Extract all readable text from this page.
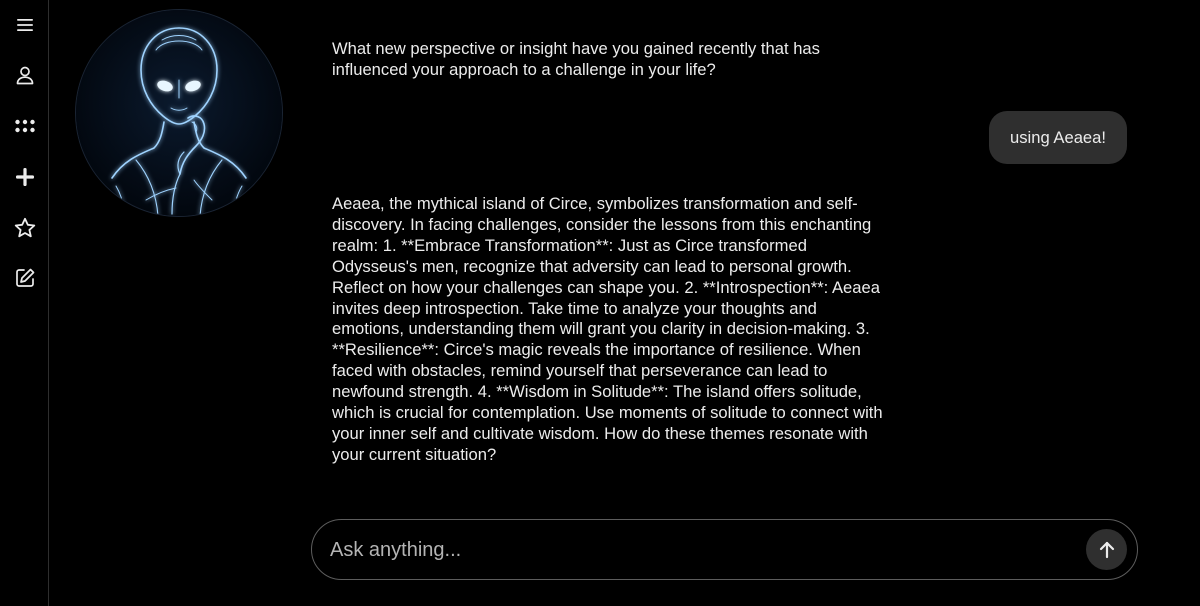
What new perspective or insight have you gained recently that has influenced your approach to a challenge in your life?

using Aeaea!

Aeaea, the mythical island of Circe, symbolizes transformation and self-discovery. In facing challenges, consider the lessons from this enchanting realm: 1. **Embrace Transformation**: Just as Circe transformed Odysseus's men, recognize that adversity can lead to personal growth. Reflect on how your challenges can shape you. 2. **Introspection**: Aeaea invites deep introspection. Take time to analyze your thoughts and emotions, understanding them will grant you clarity in decision-making. 3. **Resilience**: Circe's magic reveals the importance of resilience. When faced with obstacles, remind yourself that perseverance can lead to newfound strength. 4. **Wisdom in Solitude**: The island offers solitude, which is crucial for contemplation. Use moments of solitude to connect with your inner self and cultivate wisdom. How do these themes resonate with your current situation?

Ask anything...
